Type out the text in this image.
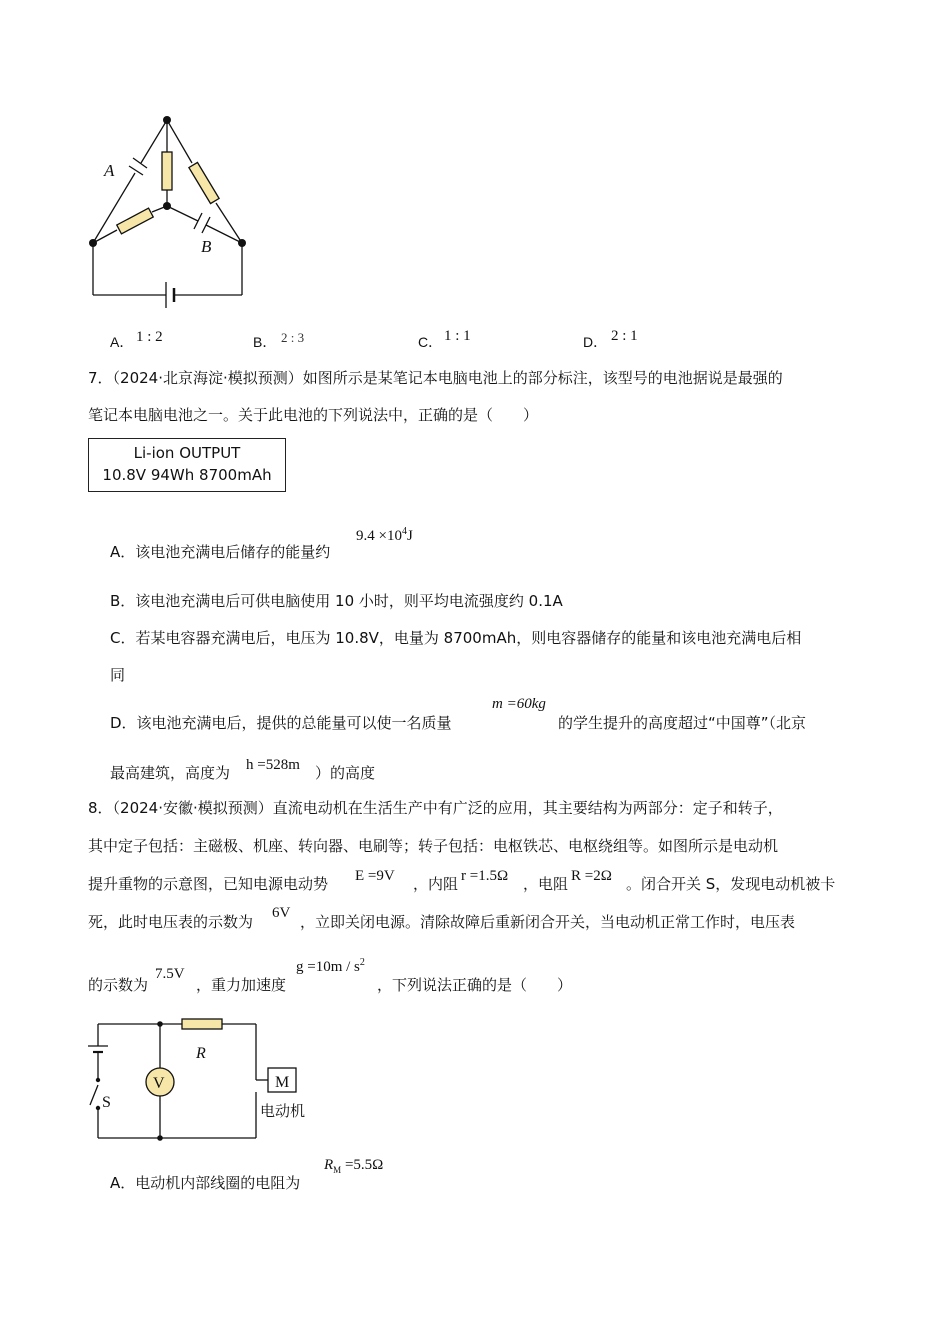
A
B
A． 1 : 2	B． 2 : 3	C． 1 : 1	D． 2 : 1
7．（2024·北京海淀·模拟预测）如图所示是某笔记本电脑电池上的部分标注，该型号的电池据说是最强的
笔记本电脑电池之一。关于此电池的下列说法中，正确的是（　　）
Li-ion OUTPUT
10.8V 94Wh 8700mAh
A．该电池充满电后储存的能量约
$9.4 \times 10^4J$
B．该电池充满电后可供电脑使用 10 小时，则平均电流强度约 0.1A
C．若某电容器充满电后，电压为 10.8V，电量为 8700mAh，则电容器储存的能量和该电池充满电后相
同
D．该电池充满电后，提供的总能量可以使一名质量
m =60kg
的学生提升的高度超过“中国尊”（北京
最高建筑，高度为 h =528m ）的高度
8．（2024·安徽·模拟预测）直流电动机在生活生产中有广泛的应用，其主要结构为两部分：定子和转子，
其中定子包括：主磁极、机座、转向器、电刷等；转子包括：电枢铁芯、电枢绕组等。如图所示是电动机
提升重物的示意图，已知电源电动势 E =9V ，内阻 r =1.5Ω ，电阻 R =2Ω 。闭合开关 S，发现电动机被卡
死，此时电压表的示数为 6V ，立即关闭电源。清除故障后重新闭合开关，当电动机正常工作时，电压表
的示数为
7.5V
，重力加速度
$g =10m / s^2$
，下列说法正确的是（　　）
R
V	M
S	电动机
A．电动机内部线圈的电阻为
$R_M =5.5\Omega$
